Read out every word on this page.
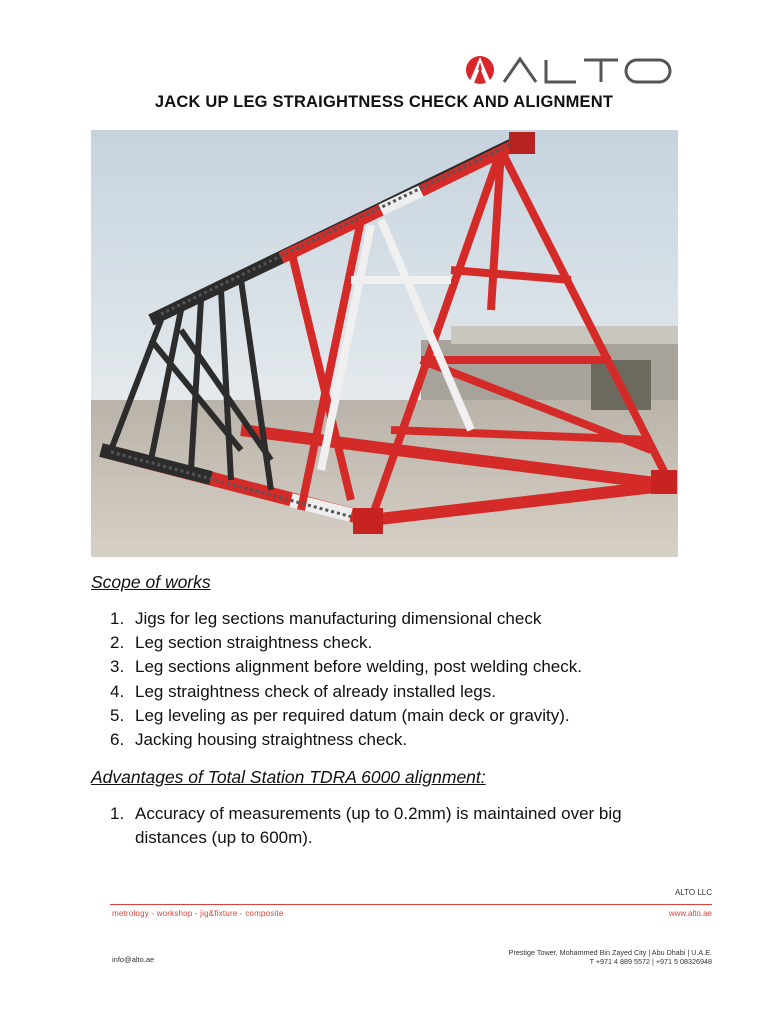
JACK UP LEG STRAIGHTNESS CHECK AND ALIGNMENT
Scope of works
1. Jigs for leg sections manufacturing dimensional check
2. Leg section straightness check.
3. Leg sections alignment before welding, post welding check.
4. Leg straightness check of already installed legs.
5. Leg leveling as per required datum (main deck or gravity).
6. Jacking housing straightness check.
Advantages of Total Station TDRA 6000 alignment:
1. Accuracy of measurements (up to 0.2mm) is maintained over big distances (up to 600m).
ALTO LLC
metrology - workshop - jig&fixture - composite	www.alto.ae
Prestige Tower, Mohammed Bin Zayed City | Abu Dhabi | U.A.E.
T +971 4 889 5572 | +971 5 08326948
info@alto.ae
